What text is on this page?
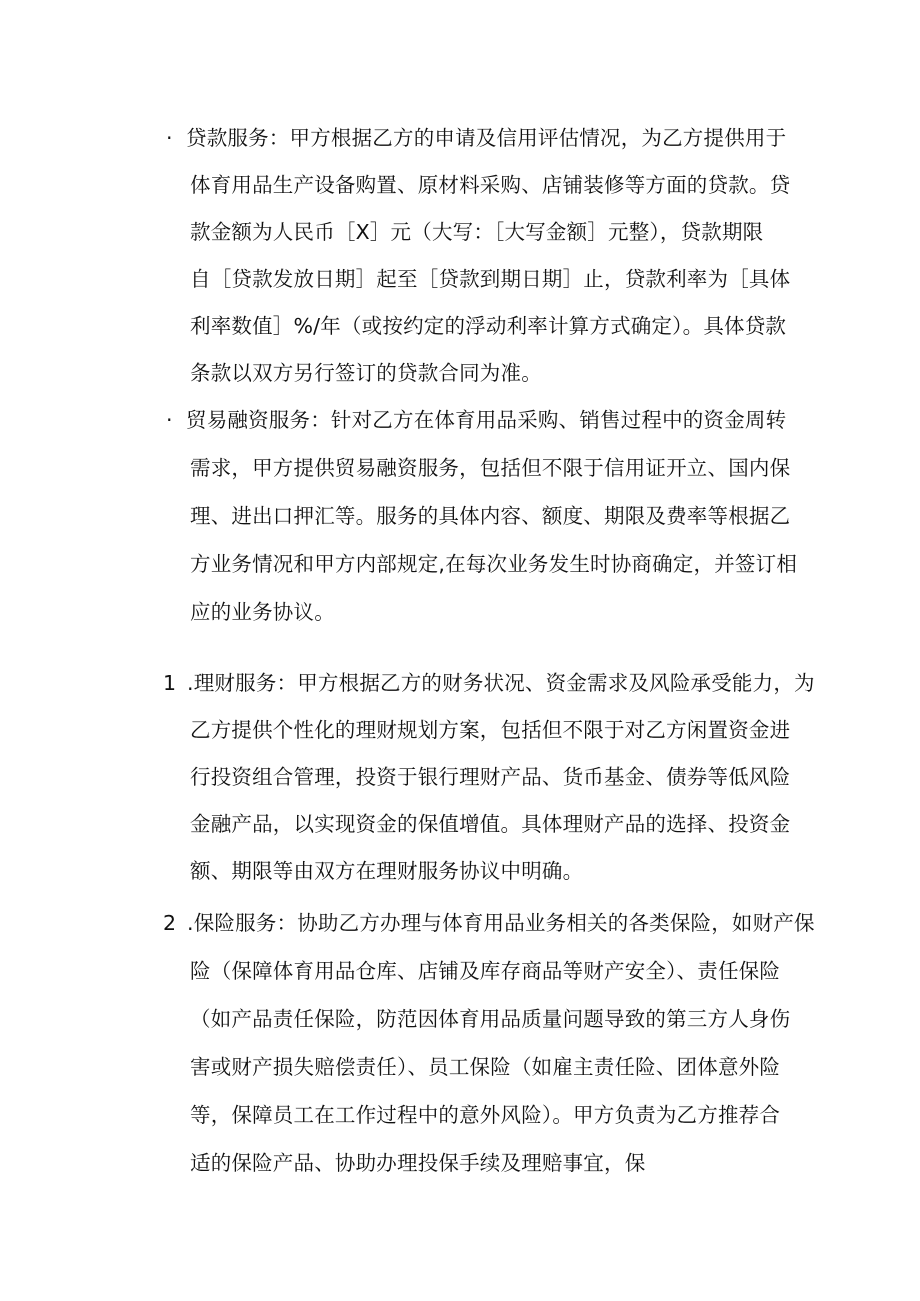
· 贷款服务：甲方根据乙方的申请及信用评估情况，为乙方提供用于
体育用品生产设备购置、原材料采购、店铺装修等方面的贷款。贷
款金额为人民币［X］元（大写：［大写金额］元整），贷款期限
自［贷款发放日期］起至［贷款到期日期］止，贷款利率为［具体
利率数值］%/年（或按约定的浮动利率计算方式确定）。具体贷款
条款以双方另行签订的贷款合同为准。
· 贸易融资服务：针对乙方在体育用品采购、销售过程中的资金周转
需求，甲方提供贸易融资服务，包括但不限于信用证开立、国内保
理、进出口押汇等。服务的具体内容、额度、期限及费率等根据乙
方业务情况和甲方内部规定,在每次业务发生时协商确定，并签订相
应的业务协议。
1 .理财服务：甲方根据乙方的财务状况、资金需求及风险承受能力，为
乙方提供个性化的理财规划方案，包括但不限于对乙方闲置资金进
行投资组合管理，投资于银行理财产品、货币基金、债券等低风险
金融产品，以实现资金的保值增值。具体理财产品的选择、投资金
额、期限等由双方在理财服务协议中明确。
2 .保险服务：协助乙方办理与体育用品业务相关的各类保险，如财产保
险（保障体育用品仓库、店铺及库存商品等财产安全）、责任保险
（如产品责任保险，防范因体育用品质量问题导致的第三方人身伤
害或财产损失赔偿责任）、员工保险（如雇主责任险、团体意外险
等，保障员工在工作过程中的意外风险）。甲方负责为乙方推荐合
适的保险产品、协助办理投保手续及理赔事宜，保
